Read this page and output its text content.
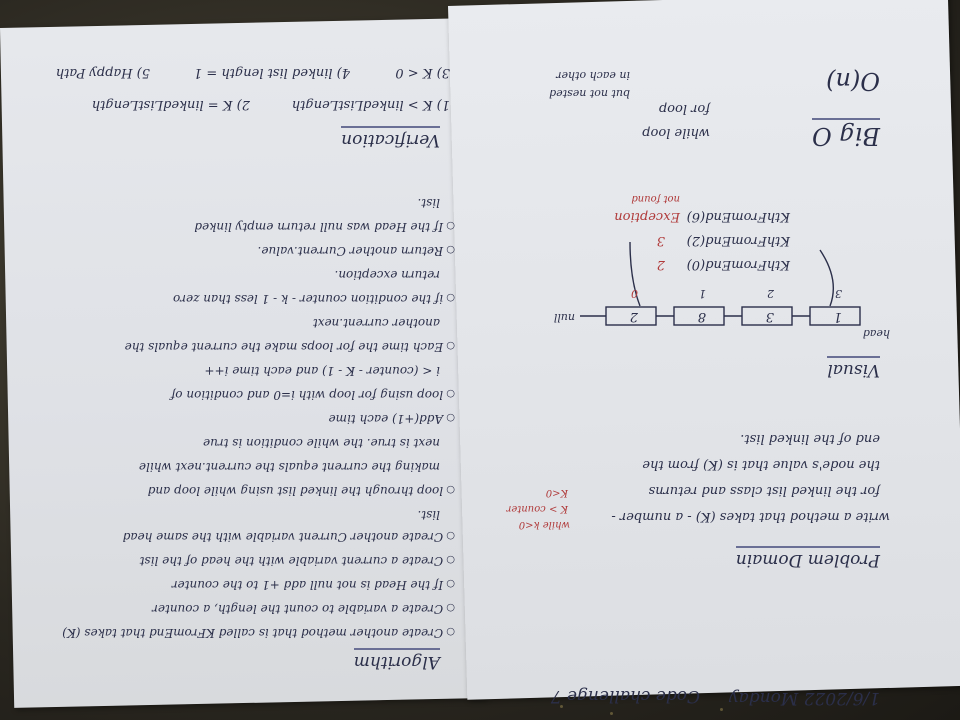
1/6/2022 Monday
Code challenge 7
Problem Domain
write a method that takes (K) - a number -
for the linked list class and returns
the node's value that is (K) from the
end of the linked list.
while k<0
K > counter
K<0
Visual
head
null	1
3
8
2
3
2
1
0
KthFromEnd(0)
KthFromEnd(2)
KthFromEnd(6)
2
3
Exception
not found
Big O
O(n)
while loop
for loop
but not nested
in each other
Algorithm
○ Create another method that is called KFromEnd that takes (K)
○ Create a variable to count the length, a counter
○ If the Head is not null add +1 to the counter
○ Create a current variable with the head of the list
○ Create another Current variable with the same head
list.
○ loop through the linked list using while loop and
making the current equals the current.next while
next is true. the while condition is true
○ Add(+1) each time
○ loop using for loop with i=0 and condition of
i < (counter - K - 1) and each time i++
○ Each time the for loops make the current equals the
another current.next
○ if the condition counter - k - 1 less than zero
return exception.
○ Return another Current.value.
○ If the Head was null return empty linked
list.
Verification
1) K > linkedListLength
2) K = linkedListLength
3) K < 0
4) linked list length = 1
5) Happy Path
